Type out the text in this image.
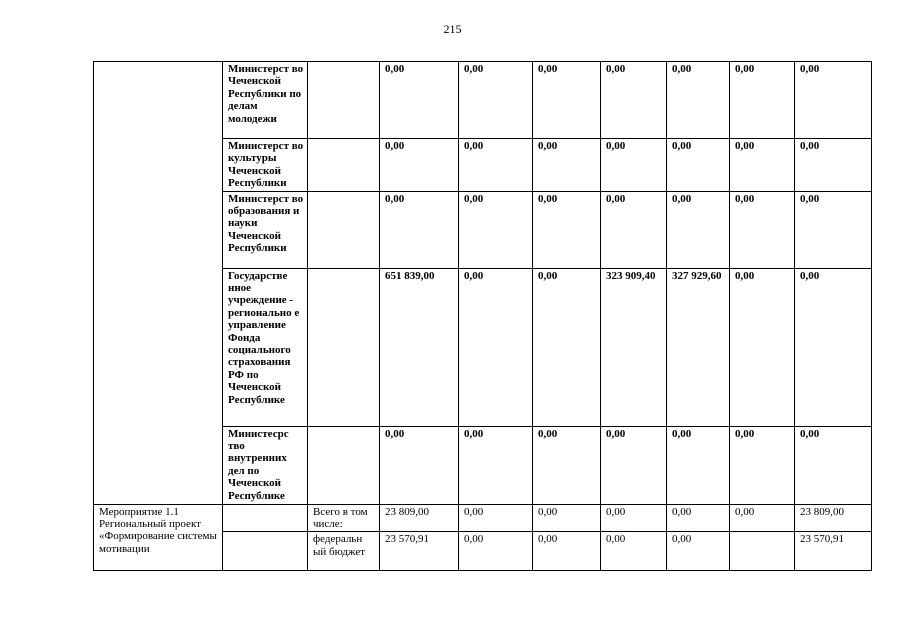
215
	Министерст во Чеченской Республики по делам молодежи		0,00	0,00	0,00	0,00	0,00	0,00	0,00
	Министерст во культуры Чеченской Республики		0,00	0,00	0,00	0,00	0,00	0,00	0,00
	Министерст во образования и науки Чеченской Республики		0,00	0,00	0,00	0,00	0,00	0,00	0,00
	Государстве нное учреждение - регионально е управление Фонда социального страхования РФ по Чеченской Республике		651 839,00	0,00	0,00	323 909,40	327 929,60	0,00	0,00
	Министесрс тво внутренних дел по Чеченской Республике		0,00	0,00	0,00	0,00	0,00	0,00	0,00
Мероприятие 1.1 Региональный проект «Формирование системы мотивации		Всего в том числе:	23 809,00	0,00	0,00	0,00	0,00	0,00	23 809,00
		федеральн ый бюджет	23 570,91	0,00	0,00	0,00	0,00		23 570,91
